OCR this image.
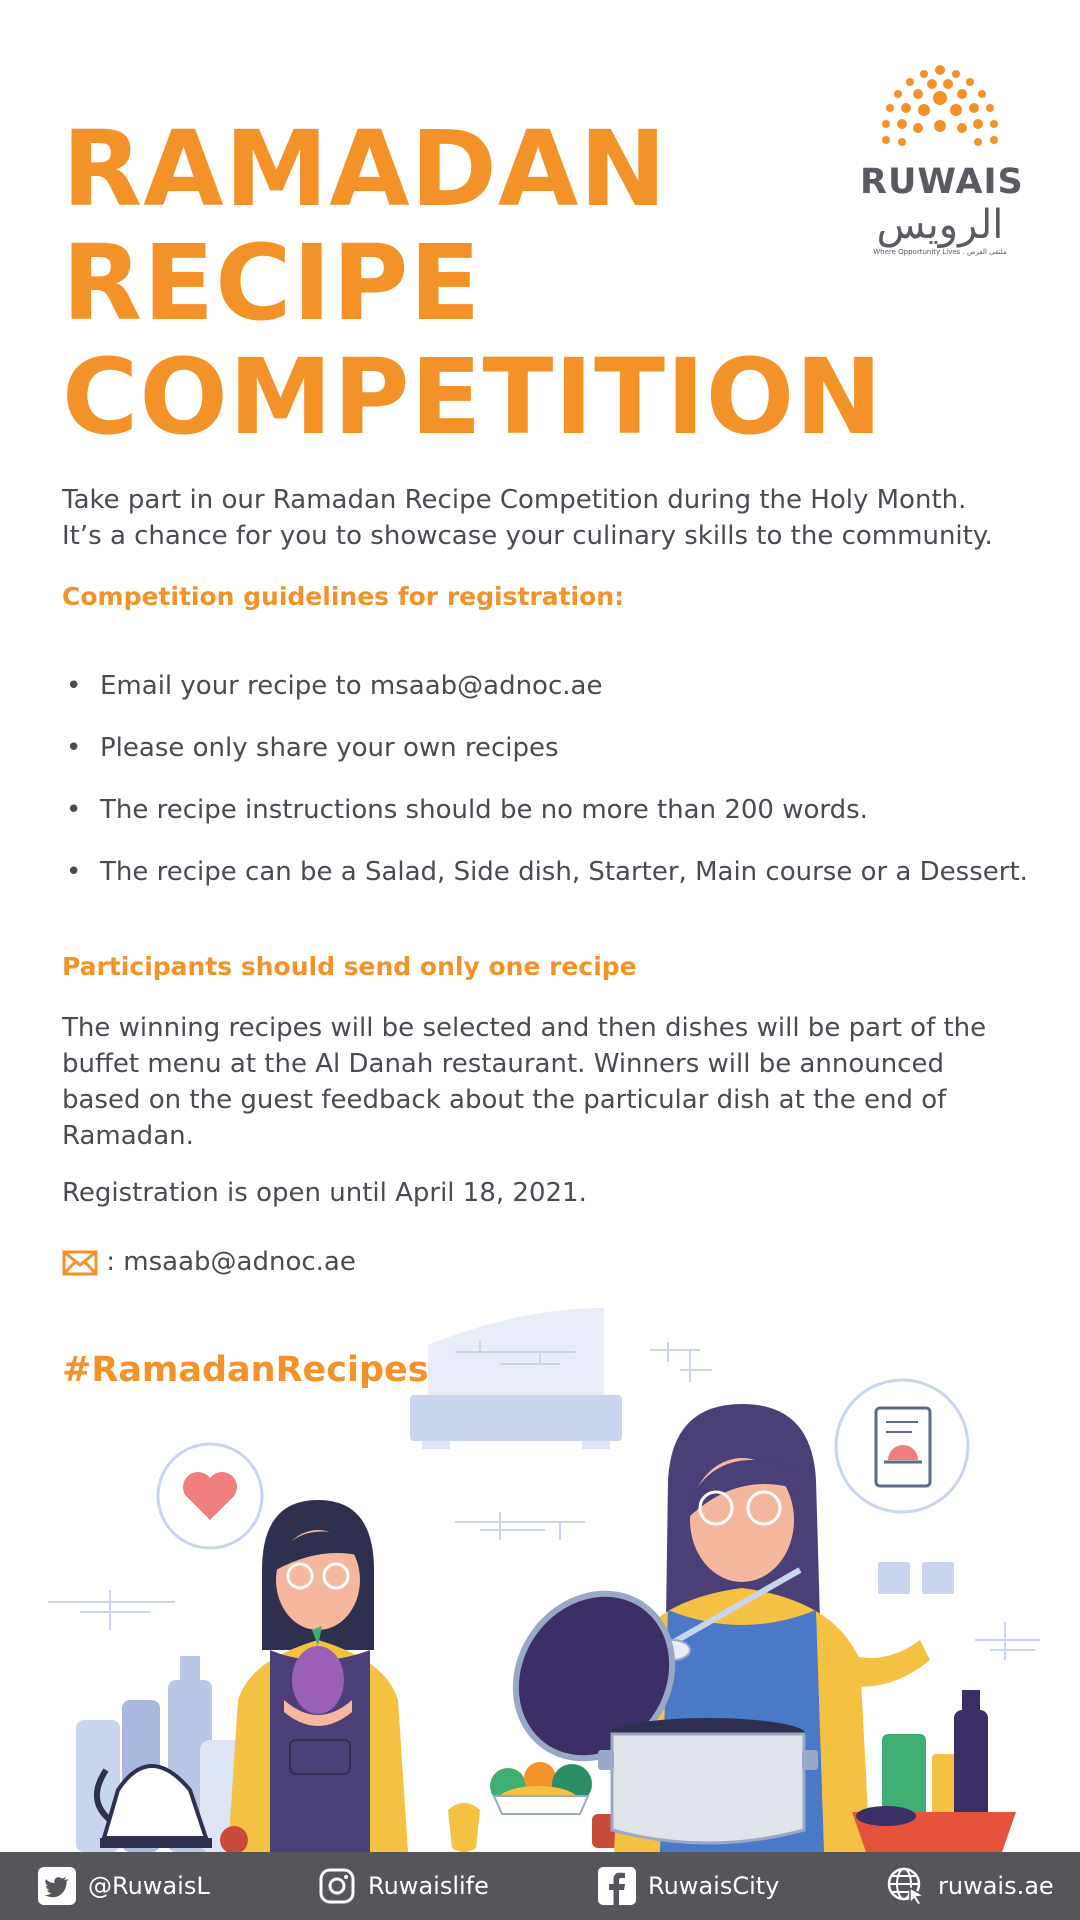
RAMADAN
RECIPE
COMPETITION
RUWAIS
الرويس
Where Opportunity Lives . ملتقى الفرص

Take part in our Ramadan Recipe Competition during the Holy Month.
It’s a chance for you to showcase your culinary skills to the community.

Competition guidelines for registration:

• Email your recipe to msaab@adnoc.ae
• Please only share your own recipes
• The recipe instructions should be no more than 200 words.
• The recipe can be a Salad, Side dish, Starter, Main course or a Dessert.

Participants should send only one recipe

The winning recipes will be selected and then dishes will be part of the
buffet menu at the Al Danah restaurant. Winners will be announced
based on the guest feedback about the particular dish at the end of
Ramadan.

Registration is open until April 18, 2021.

: msaab@adnoc.ae

#RamadanRecipes

@RuwaisL	Ruwaislife	RuwaisCity	ruwais.ae
